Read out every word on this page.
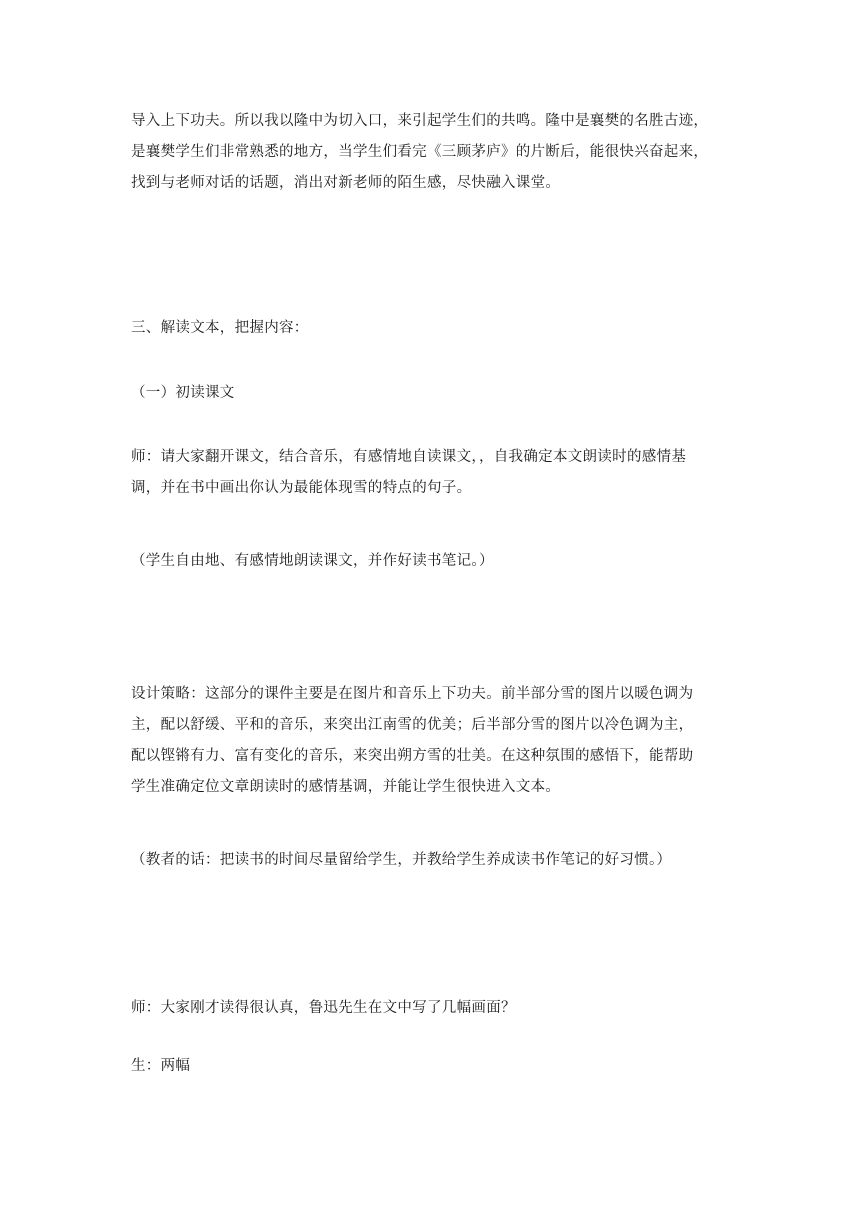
导入上下功夫。所以我以隆中为切入口，来引起学生们的共鸣。隆中是襄樊的名胜古迹，
是襄樊学生们非常熟悉的地方，当学生们看完《三顾茅庐》的片断后，能很快兴奋起来，
找到与老师对话的话题，消出对新老师的陌生感，尽快融入课堂。

三、解读文本，把握内容：

（一）初读课文

师：请大家翻开课文，结合音乐，有感情地自读课文，，自我确定本文朗读时的感情基
调，并在书中画出你认为最能体现雪的特点的句子。

（学生自由地、有感情地朗读课文，并作好读书笔记。）

设计策略：这部分的课件主要是在图片和音乐上下功夫。前半部分雪的图片以暖色调为
主，配以舒缓、平和的音乐，来突出江南雪的优美；后半部分雪的图片以冷色调为主，
配以铿锵有力、富有变化的音乐，来突出朔方雪的壮美。在这种氛围的感悟下，能帮助
学生准确定位文章朗读时的感情基调，并能让学生很快进入文本。

（教者的话：把读书的时间尽量留给学生，并教给学生养成读书作笔记的好习惯。）

师：大家刚才读得很认真，鲁迅先生在文中写了几幅画面？

生：两幅
